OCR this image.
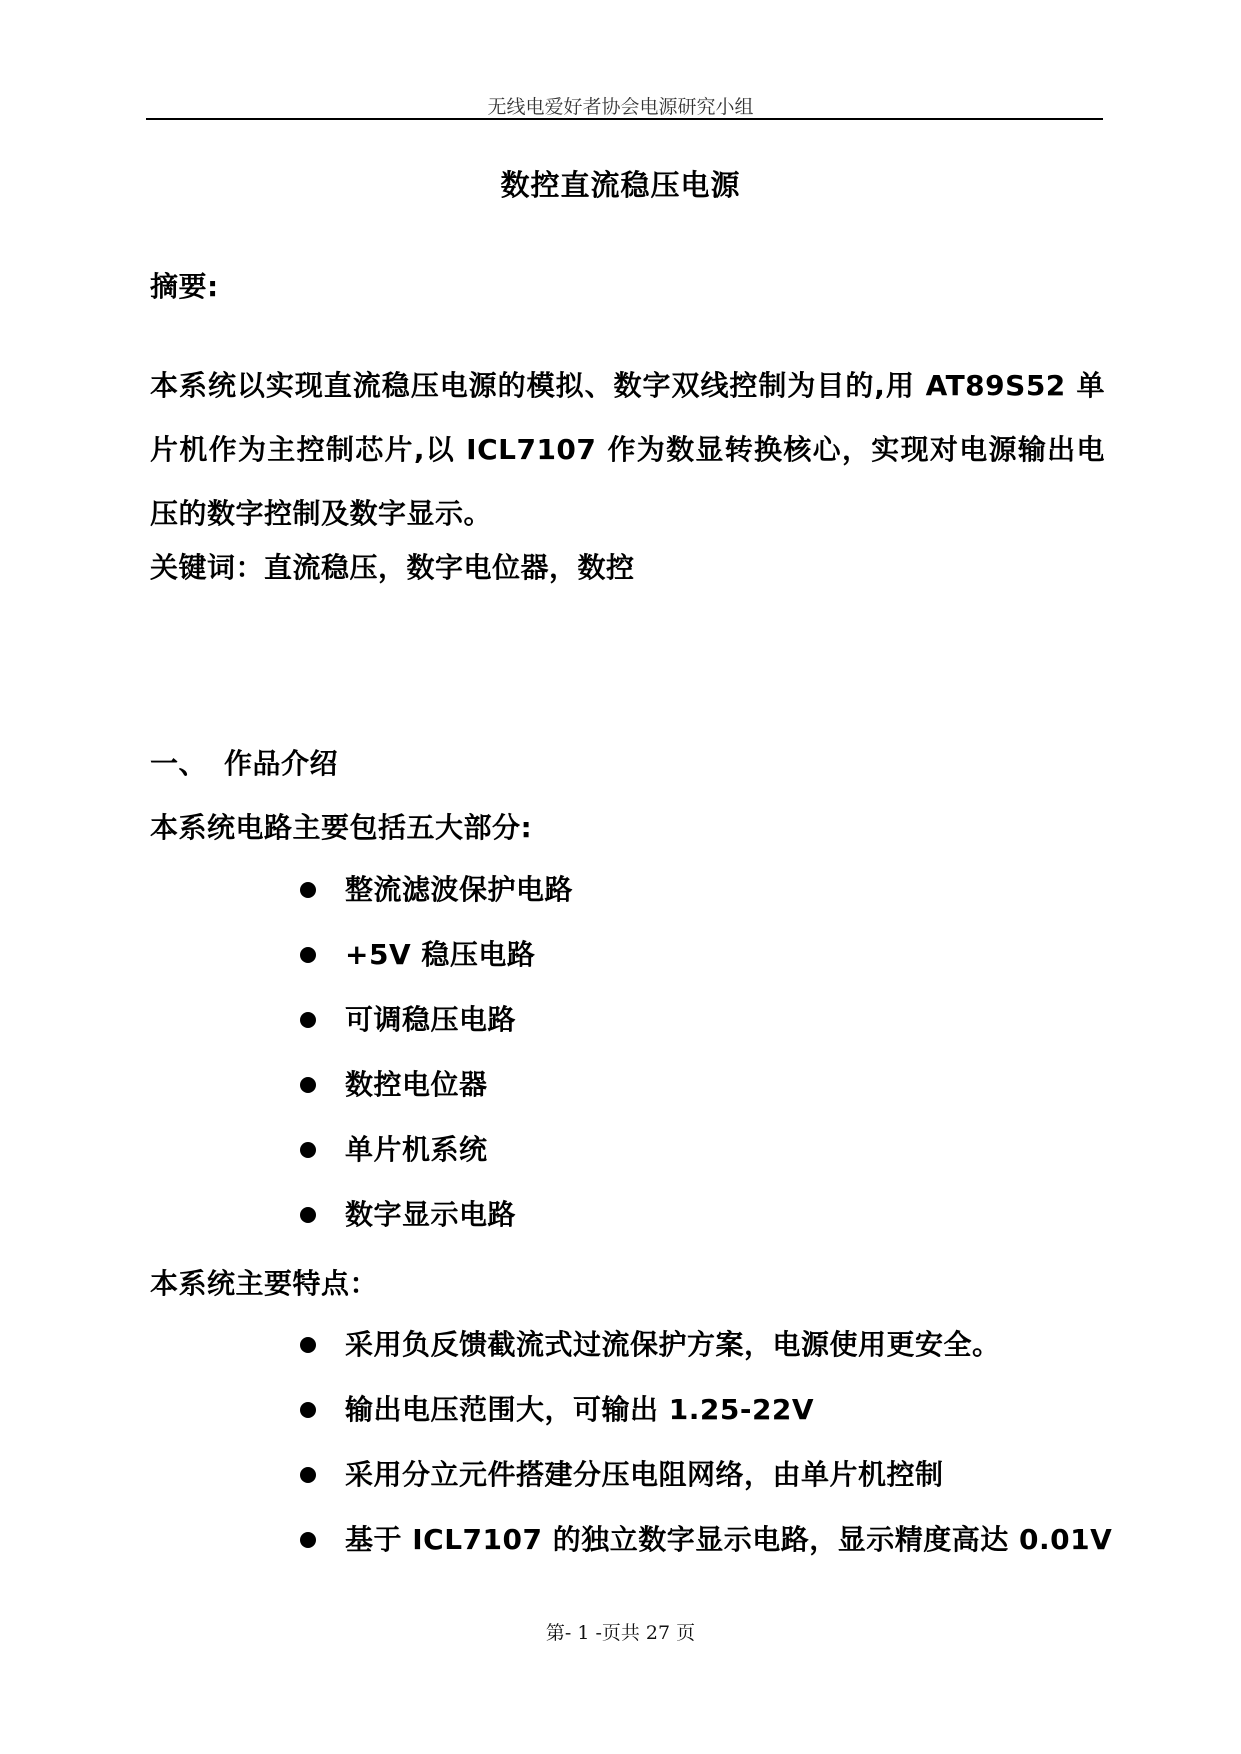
无线电爱好者协会电源研究小组
数控直流稳压电源
摘要:

本系统以实现直流稳压电源的模拟、数字双线控制为目的,用 AT89S52 单片机作为主控制芯片,以 ICL7107 作为数显转换核心，实现对电源输出电压的数字控制及数字显示。

关键词：直流稳压，数字电位器，数控
一、 作品介绍
本系统电路主要包括五大部分:
整流滤波保护电路
+5V 稳压电路
可调稳压电路
数控电位器
单片机系统
数字显示电路
本系统主要特点：
采用负反馈截流式过流保护方案，电源使用更安全。
输出电压范围大，可输出 1.25-22V
采用分立元件搭建分压电阻网络，由单片机控制
基于 ICL7107 的独立数字显示电路，显示精度高达 0.01V
第- 1 -页共 27 页
